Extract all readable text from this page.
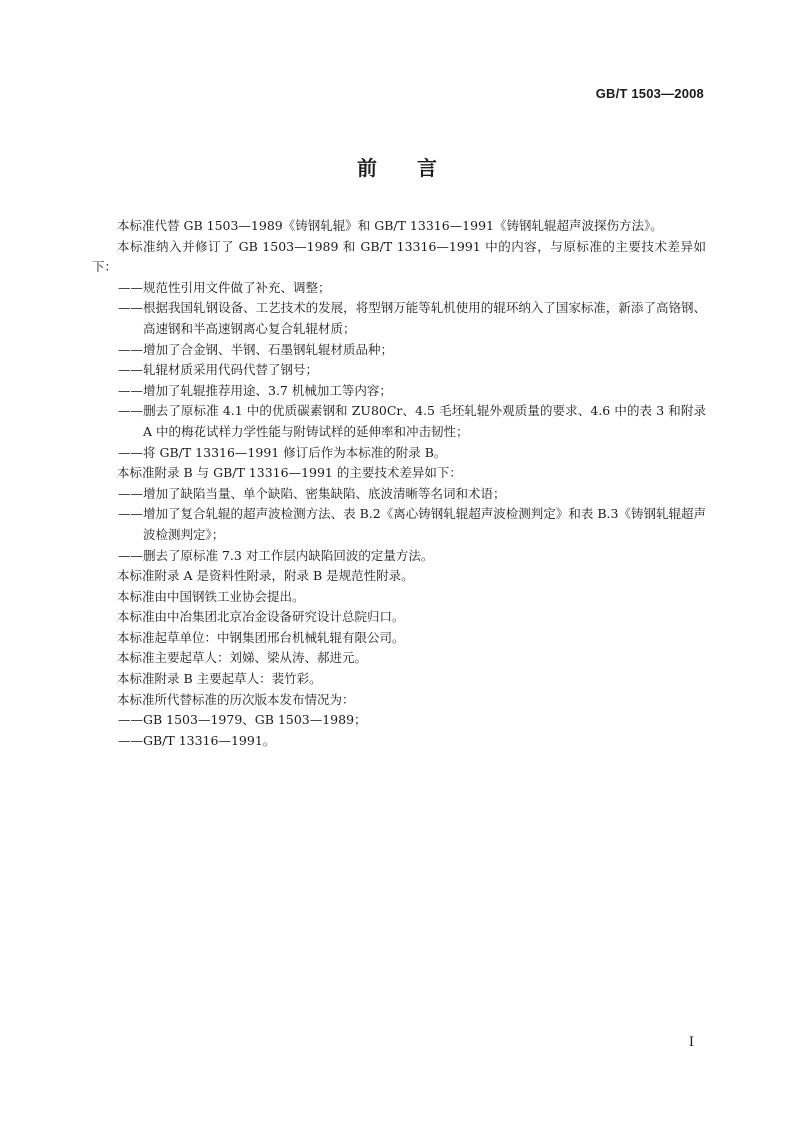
GB/T 1503—2008
前言

本标准代替 GB 1503—1989《铸钢轧辊》和 GB/T 13316—1991《铸钢轧辊超声波探伤方法》。

本标准纳入并修订了 GB 1503—1989 和 GB/T 13316—1991 中的内容，与原标准的主要技术差异如下：

——规范性引用文件做了补充、调整；

——根据我国轧钢设备、工艺技术的发展，将型钢万能等轧机使用的辊环纳入了国家标准，新添了高铬钢、高速钢和半高速钢离心复合轧辊材质；

——增加了合金钢、半钢、石墨钢轧辊材质品种；

——轧辊材质采用代码代替了钢号；

——增加了轧辊推荐用途、3.7 机械加工等内容；

——删去了原标准 4.1 中的优质碳素钢和 ZU80Cr、4.5 毛坯轧辊外观质量的要求、4.6 中的表 3 和附录 A 中的梅花试样力学性能与附铸试样的延伸率和冲击韧性；

——将 GB/T 13316—1991 修订后作为本标准的附录 B。

本标准附录 B 与 GB/T 13316—1991 的主要技术差异如下：

——增加了缺陷当量、单个缺陷、密集缺陷、底波清晰等名词和术语；

——增加了复合轧辊的超声波检测方法、表 B.2《离心铸钢轧辊超声波检测判定》和表 B.3《铸钢轧辊超声波检测判定》；

——删去了原标准 7.3 对工作层内缺陷回波的定量方法。

本标准附录 A 是资料性附录，附录 B 是规范性附录。

本标准由中国钢铁工业协会提出。

本标准由中冶集团北京冶金设备研究设计总院归口。

本标准起草单位：中钢集团邢台机械轧辊有限公司。

本标准主要起草人：刘娣、梁从涛、郝进元。

本标准附录 B 主要起草人：裴竹彩。

本标准所代替标准的历次版本发布情况为：

——GB 1503—1979、GB 1503—1989；

——GB/T 13316—1991。

I
